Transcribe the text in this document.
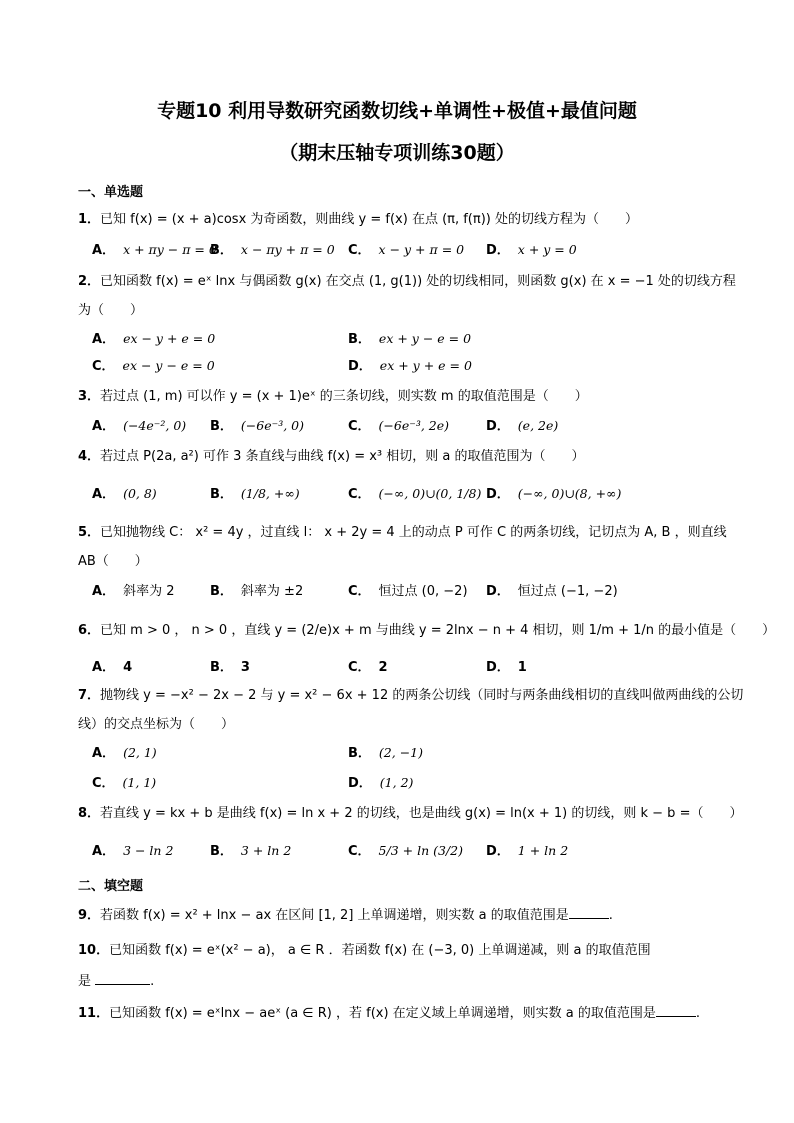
专题10 利用导数研究函数切线+单调性+极值+最值问题
（期末压轴专项训练30题）
一、单选题
1．已知 f(x) = (x + a)cosx 为奇函数，则曲线 y = f(x) 在点 (π, f(π)) 处的切线方程为（　　）
A． x + πy − π = 0
B． x − πy + π = 0 C． x − y + π = 0 D． x + y = 0
2．已知函数 f(x) = eˣ lnx 与偶函数 g(x) 在交点 (1, g(1)) 处的切线相同，则函数 g(x) 在 x = −1 处的切线方程
为（　　）
A． ex − y + e = 0	B． ex + y − e = 0
C． ex − y − e = 0	D． ex + y + e = 0
3．若过点 (1, m) 可以作 y = (x + 1)eˣ 的三条切线，则实数 m 的取值范围是（　　）
A． (−4e⁻², 0) B． (−6e⁻³, 0)	C． (−6e⁻³, 2e)	D． (e, 2e)
4．若过点 P(2a, a²) 可作 3 条直线与曲线 f(x) = x³ 相切，则 a 的取值范围为（　　）
A． (0, 8)	B． (1/8, +∞)	C． (−∞, 0)∪(0, 1/8) D． (−∞, 0)∪(8, +∞)
5．已知抛物线 C： x² = 4y ，过直线 l： x + 2y = 4 上的动点 P 可作 C 的两条切线，记切点为 A, B ，则直线
AB（　　）
A． 斜率为 2	B． 斜率为 ±2	C． 恒过点 (0, −2) D． 恒过点 (−1, −2)
6．已知 m > 0 ， n > 0 ，直线 y = (2/e)x + m 与曲线 y = 2lnx − n + 4 相切，则 1/m + 1/n 的最小值是（　　）
A． 4	B． 3	C． 2	D． 1
7．抛物线 y = −x² − 2x − 2 与 y = x² − 6x + 12 的两条公切线（同时与两条曲线相切的直线叫做两曲线的公切
线）的交点坐标为（　　）
A． (2, 1)	B． (2, −1)
C． (1, 1)	D． (1, 2)
8．若直线 y = kx + b 是曲线 f(x) = ln x + 2 的切线，也是曲线 g(x) = ln(x + 1) 的切线，则 k − b =（　　）
A． 3 − ln 2	B． 3 + ln 2	C． 5/3 + ln (3/2) D． 1 + ln 2
二、填空题
9．若函数 f(x) = x² + lnx − ax 在区间 [1, 2] 上单调递增，则实数 a 的取值范围是	.
10．已知函数 f(x) = eˣ(x² − a)， a ∈ R ．若函数 f(x) 在 (−3, 0) 上单调递减，则 a 的取值范围
是	.
11．已知函数 f(x) = eˣlnx − aeˣ (a ∈ R) ，若 f(x) 在定义域上单调递增，则实数 a 的取值范围是	.
